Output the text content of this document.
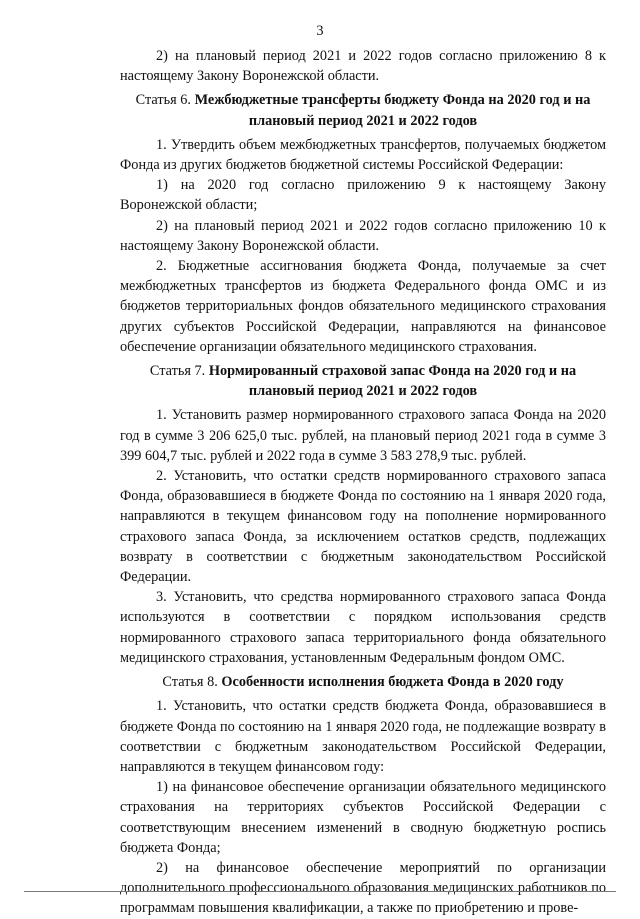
3

2) на плановый период 2021 и 2022 годов согласно приложению 8 к настоящему Закону Воронежской области.

Статья 6. Межбюджетные трансферты бюджету Фонда на 2020 год и на плановый период 2021 и 2022 годов

1. Утвердить объем межбюджетных трансфертов, получаемых бюджетом Фонда из других бюджетов бюджетной системы Российской Федерации:

1) на 2020 год согласно приложению 9 к настоящему Закону Воронежской области;

2) на плановый период 2021 и 2022 годов согласно приложению 10 к настоящему Закону Воронежской области.

2. Бюджетные ассигнования бюджета Фонда, получаемые за счет межбюджетных трансфертов из бюджета Федерального фонда ОМС и из бюджетов территориальных фондов обязательного медицинского страхования других субъектов Российской Федерации, направляются на финансовое обеспечение организации обязательного медицинского страхования.

Статья 7. Нормированный страховой запас Фонда на 2020 год и на плановый период 2021 и 2022 годов

1. Установить размер нормированного страхового запаса Фонда на 2020 год в сумме 3 206 625,0 тыс. рублей, на плановый период 2021 года в сумме 3 399 604,7 тыс. рублей и 2022 года в сумме 3 583 278,9 тыс. рублей.

2. Установить, что остатки средств нормированного страхового запаса Фонда, образовавшиеся в бюджете Фонда по состоянию на 1 января 2020 года, направляются в текущем финансовом году на пополнение нормированного страхового запаса Фонда, за исключением остатков средств, подлежащих возврату в соответствии с бюджетным законодательством Российской Федерации.

3. Установить, что средства нормированного страхового запаса Фонда используются в соответствии с порядком использования средств нормированного страхового запаса территориального фонда обязательного медицинского страхования, установленным Федеральным фондом ОМС.

Статья 8. Особенности исполнения бюджета Фонда в 2020 году

1. Установить, что остатки средств бюджета Фонда, образовавшиеся в бюджете Фонда по состоянию на 1 января 2020 года, не подлежащие возврату в соответствии с бюджетным законодательством Российской Федерации, направляются в текущем финансовом году:

1) на финансовое обеспечение организации обязательного медицинского страхования на территориях субъектов Российской Федерации с соответствующим внесением изменений в сводную бюджетную роспись бюджета Фонда;

2) на финансовое обеспечение мероприятий по организации дополнительного профессионального образования медицинских работников по программам повышения квалификации, а также по приобретению и прове-
